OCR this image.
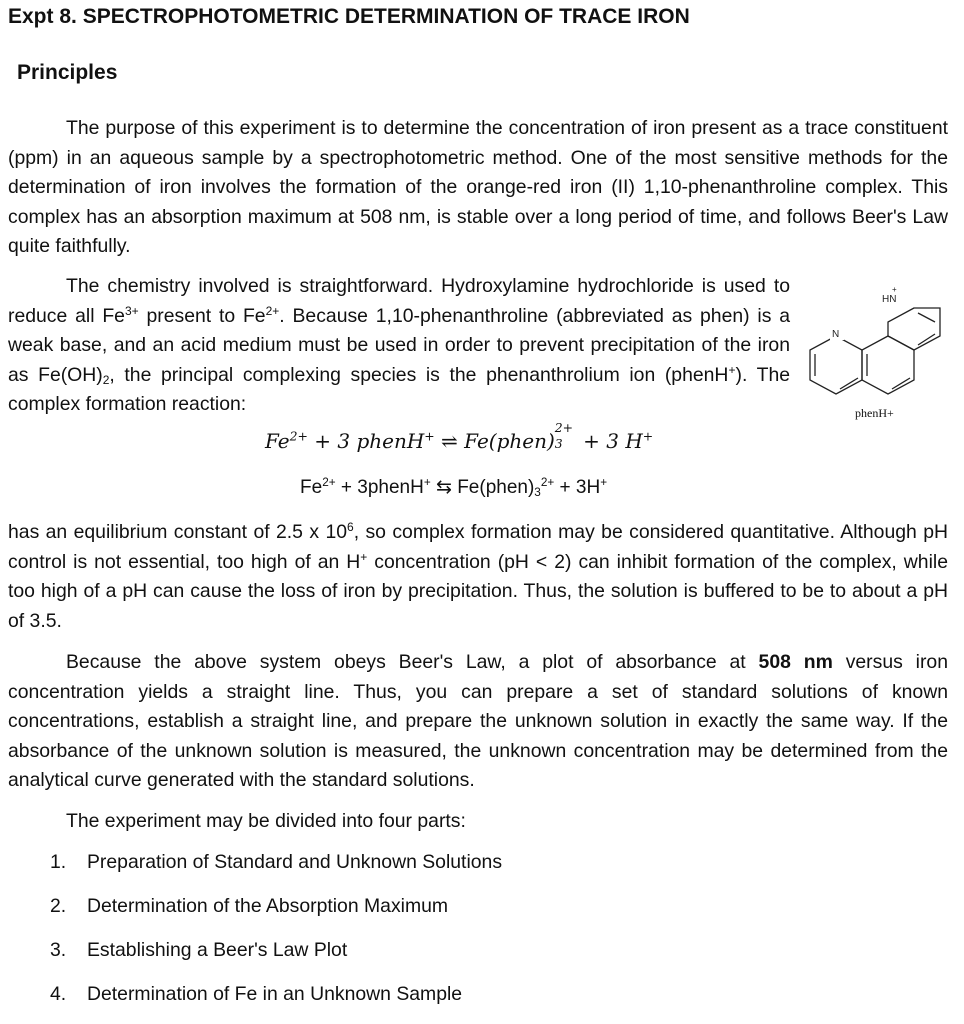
Expt 8. SPECTROPHOTOMETRIC DETERMINATION OF TRACE IRON
Principles

The purpose of this experiment is to determine the concentration of iron present as a trace constituent (ppm) in an aqueous sample by a spectrophotometric method. One of the most sensitive methods for the determination of iron involves the formation of the orange-red iron (II) 1,10-phenanthroline complex. This complex has an absorption maximum at 508 nm, is stable over a long period of time, and follows Beer's Law quite faithfully.

The chemistry involved is straightforward. Hydroxylamine hydrochloride is used to reduce all $Fe^{3+}$ present to $Fe^{2+}$. Because 1,10-phenanthroline (abbreviated as phen) is a weak base, and an acid medium must be used in order to prevent precipitation of the iron as $Fe(OH)_2$, the principal complexing species is the phenanthrolium ion (phenH+). The complex formation reaction:

N
HN
+
phenH+
$Fe^{2+} + 3$ phenH+ ⇌ Fe(phen)
2+
3 + 3 H+
$Fe^{2+}$ + 3phenH+ ⇆ $Fe(phen)_3^{2+} + 3H^+$

has an equilibrium constant of 2.5 x $10^6$, so complex formation may be considered quantitative. Although pH control is not essential, too high of an H+ concentration (pH < 2) can inhibit formation of the complex, while too high of a pH can cause the loss of iron by precipitation. Thus, the solution is buffered to be to about a pH of 3.5.

Because the above system obeys Beer's Law, a plot of absorbance at 508 nm versus iron concentration yields a straight line. Thus, you can prepare a set of standard solutions of known concentrations, establish a straight line, and prepare the unknown solution in exactly the same way. If the absorbance of the unknown solution is measured, the unknown concentration may be determined from the analytical curve generated with the standard solutions.

The experiment may be divided into four parts:
1. Preparation of Standard and Unknown Solutions
2. Determination of the Absorption Maximum
3. Establishing a Beer's Law Plot
4. Determination of Fe in an Unknown Sample
